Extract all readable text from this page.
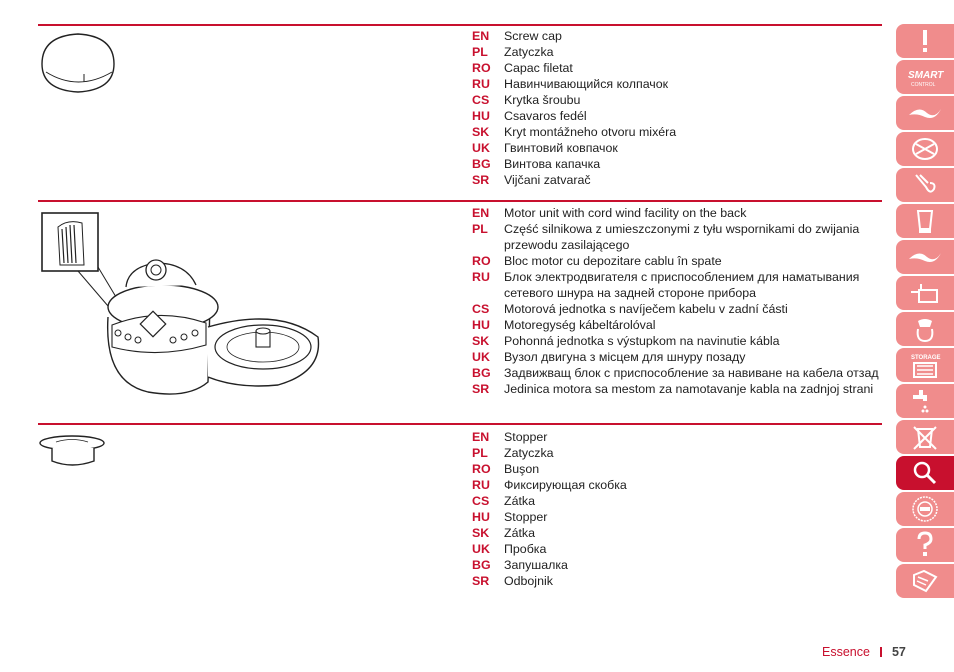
EN	Screw cap
PL	Zatyczka
RO	Capac filetat
RU	Навинчивающийся колпачок
CS	Krytka šroubu
HU	Csavaros fedél
SK	Kryt montážneho otvoru mixéra
UK	Гвинтовий ковпачок
BG	Винтова капачка
SR	Vijčani zatvarač
EN	Motor unit with cord wind facility on the back
PL	Część silnikowa z umieszczonymi z tyłu wspornikami do zwijania przewodu zasilającego
RO	Bloc motor cu depozitare cablu în spate
RU	Блок электродвигателя с приспособлением для наматывания сетевого шнура на задней стороне прибора
CS	Motorová jednotka s navíječem kabelu v zadní části
HU	Motoregység kábeltárolóval
SK	Pohonná jednotka s výstupkom na navinutie kábla
UK	Вузол двигуна з місцем для шнуру позаду
BG	Задвижващ блок с приспособление за навиване на кабела отзад
SR	Jedinica motora sa mestom za namotavanje kabla na zadnjoj strani
EN	Stopper
PL	Zatyczka
RO	Buşon
RU	Фиксирующая скобка
CS	Zátka
HU	Stopper
SK	Zátka
UK	Пробка
BG	Запушалка
SR	Odbojnik
SMART
CONTROL
STORAGE
Essence 57
